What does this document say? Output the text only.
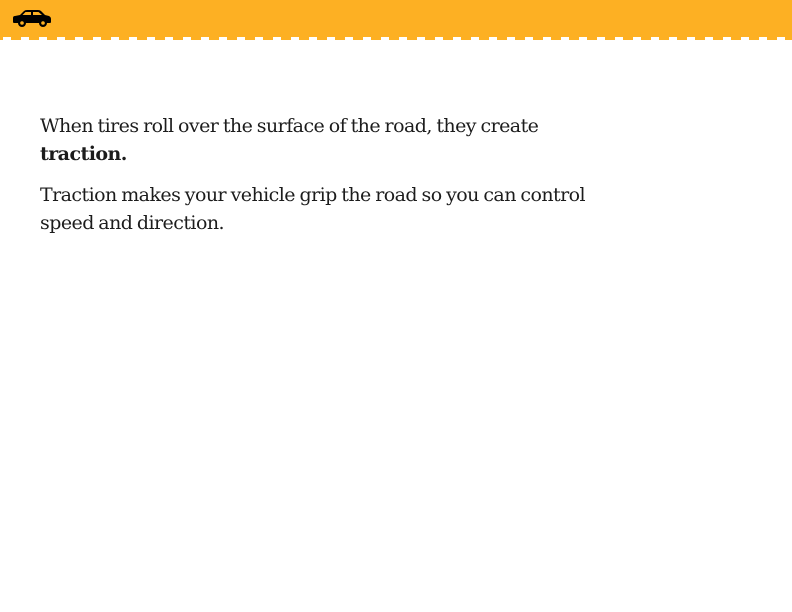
When tires roll over the surface of the road, they create
traction.

Traction makes your vehicle grip the road so you can control speed and direction.
